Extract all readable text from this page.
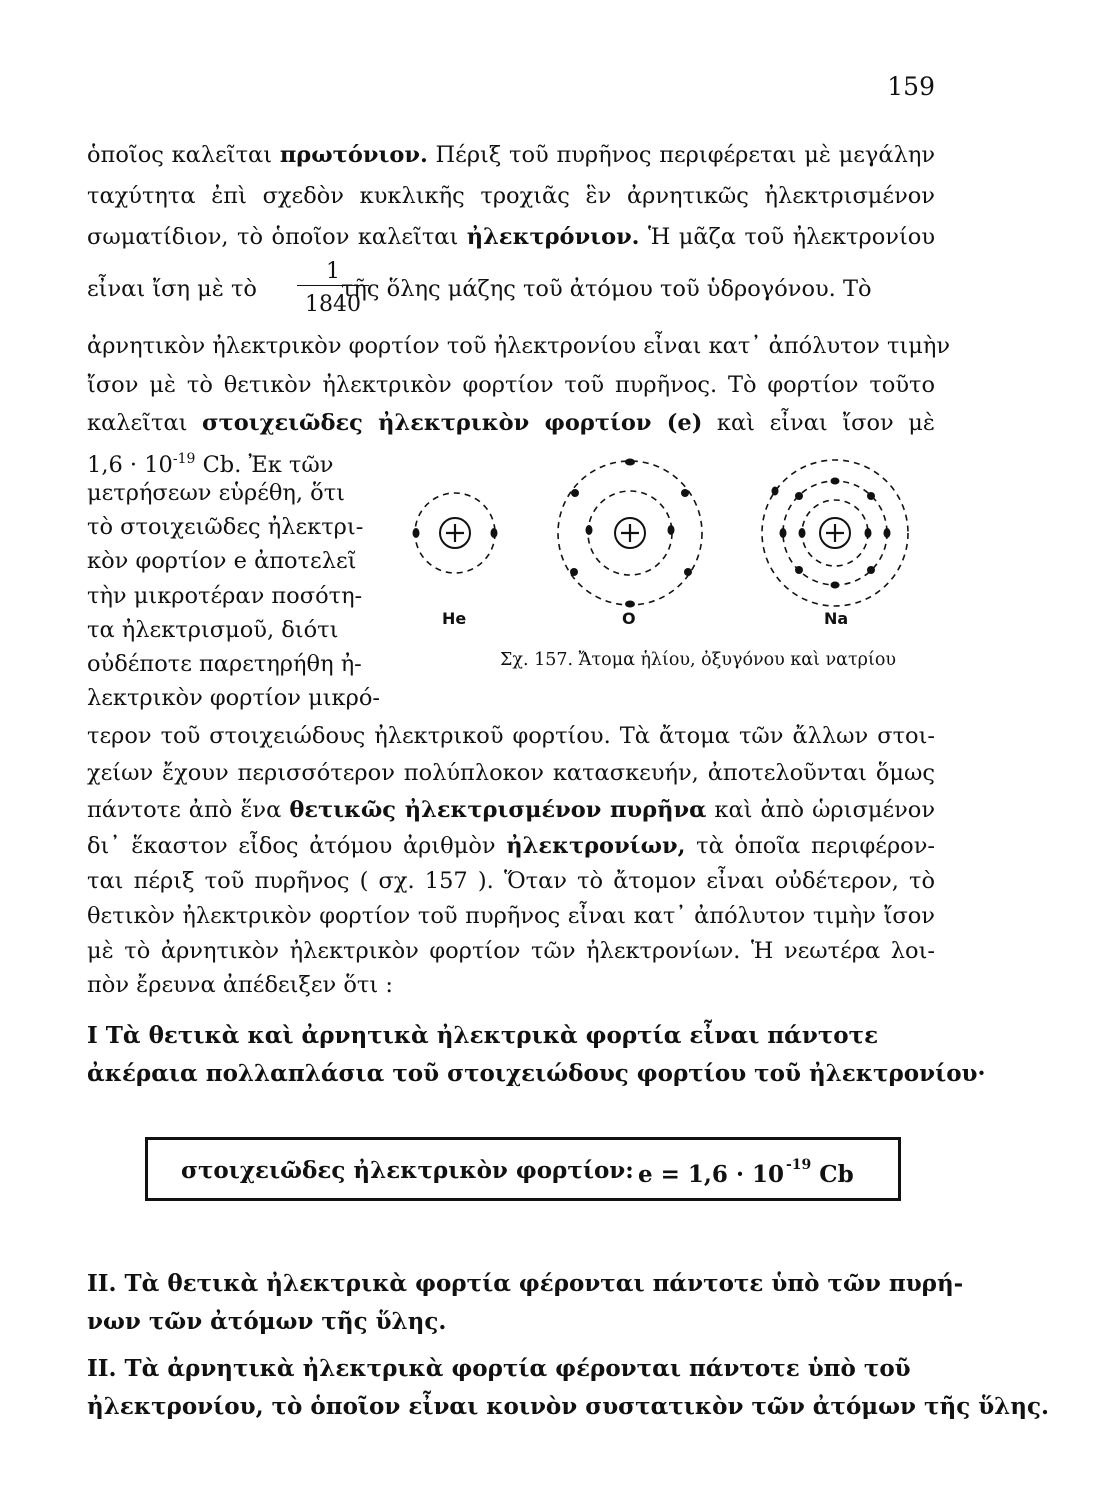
159
ὁποῖος καλεῖται πρωτόνιον. Πέριξ τοῦ πυρῆνος περιφέρεται μὲ μεγάλην
ταχύτητα ἐπὶ σχεδὸν κυκλικῆς τροχιᾶς ἓν ἀρνητικῶς ἠλεκτρισμένον
σωματίδιον, τὸ ὁποῖον καλεῖται ἠλεκτρόνιον. Ἡ μᾶζα τοῦ ἠλεκτρονίου
εἶναι ἴση μὲ τὸ	τῆς ὅλης μάζης τοῦ ἀτόμου τοῦ ὑδρογόνου. Τὸ
1
1840
ἀρνητικὸν ἠλεκτρικὸν φορτίον τοῦ ἠλεκτρονίου εἶναι κατ᾽ ἀπόλυτον τιμὴν
ἴσον μὲ τὸ θετικὸν ἠλεκτρικὸν φορτίον τοῦ πυρῆνος. Τὸ φορτίον τοῦτο
καλεῖται στοιχειῶδες ἠλεκτρικὸν φορτίον (e) καὶ εἶναι ἴσον μὲ
$1,6 \cdot 10^{-19}$ Cb. Ἐκ τῶν
μετρήσεων εὑρέθη, ὅτι
τὸ στοιχειῶδες ἠλεκτρι-
κὸν φορτίον e ἀποτελεῖ
τὴν μικροτέραν ποσότη-
τα ἠλεκτρισμοῦ, διότι
οὐδέποτε παρετηρήθη ἠ-
λεκτρικὸν φορτίον μικρό-
τερον τοῦ στοιχειώδους ἠλεκτρικοῦ φορτίου. Τὰ ἄτομα τῶν ἄλλων στοι-
χείων ἔχουν περισσότερον πολύπλοκον κατασκευήν, ἀποτελοῦνται ὅμως
πάντοτε ἀπὸ ἕνα θετικῶς ἠλεκτρισμένον πυρῆνα καὶ ἀπὸ ὡρισμένον
δι᾽ ἕκαστον εἶδος ἀτόμου ἀριθμὸν ἠλεκτρονίων, τὰ ὁποῖα περιφέρον-
ται πέριξ τοῦ πυρῆνος ( σχ. 157 ). Ὅταν τὸ ἄτομον εἶναι οὐδέτερον, τὸ
θετικὸν ἠλεκτρικὸν φορτίον τοῦ πυρῆνος εἶναι κατ᾽ ἀπόλυτον τιμὴν ἴσον
μὲ τὸ ἀρνητικὸν ἠλεκτρικὸν φορτίον τῶν ἠλεκτρονίων. Ἡ νεωτέρα λοι-
πὸν ἔρευνα ἀπέδειξεν ὅτι :
He	O	Na
Σχ. 157. Ἄτομα ἡλίου, ὀξυγόνου καὶ νατρίου
I Τὰ θετικὰ καὶ ἀρνητικὰ ἠλεκτρικὰ φορτία εἶναι πάντοτε
ἀκέραια πολλαπλάσια τοῦ στοιχειώδους φορτίου τοῦ ἠλεκτρονίου·
στοιχειῶδες ἠλεκτρικὸν φορτίον: e = 1,6 · 10 $^{-19}$ Cb
II. Τὰ θετικὰ ἠλεκτρικὰ φορτία φέρονται πάντοτε ὑπὸ τῶν πυρή-
νων τῶν ἀτόμων τῆς ὕλης.
II. Τὰ ἀρνητικὰ ἠλεκτρικὰ φορτία φέρονται πάντοτε ὑπὸ τοῦ
ἠλεκτρονίου, τὸ ὁποῖον εἶναι κοινὸν συστατικὸν τῶν ἀτόμων τῆς ὕλης.
